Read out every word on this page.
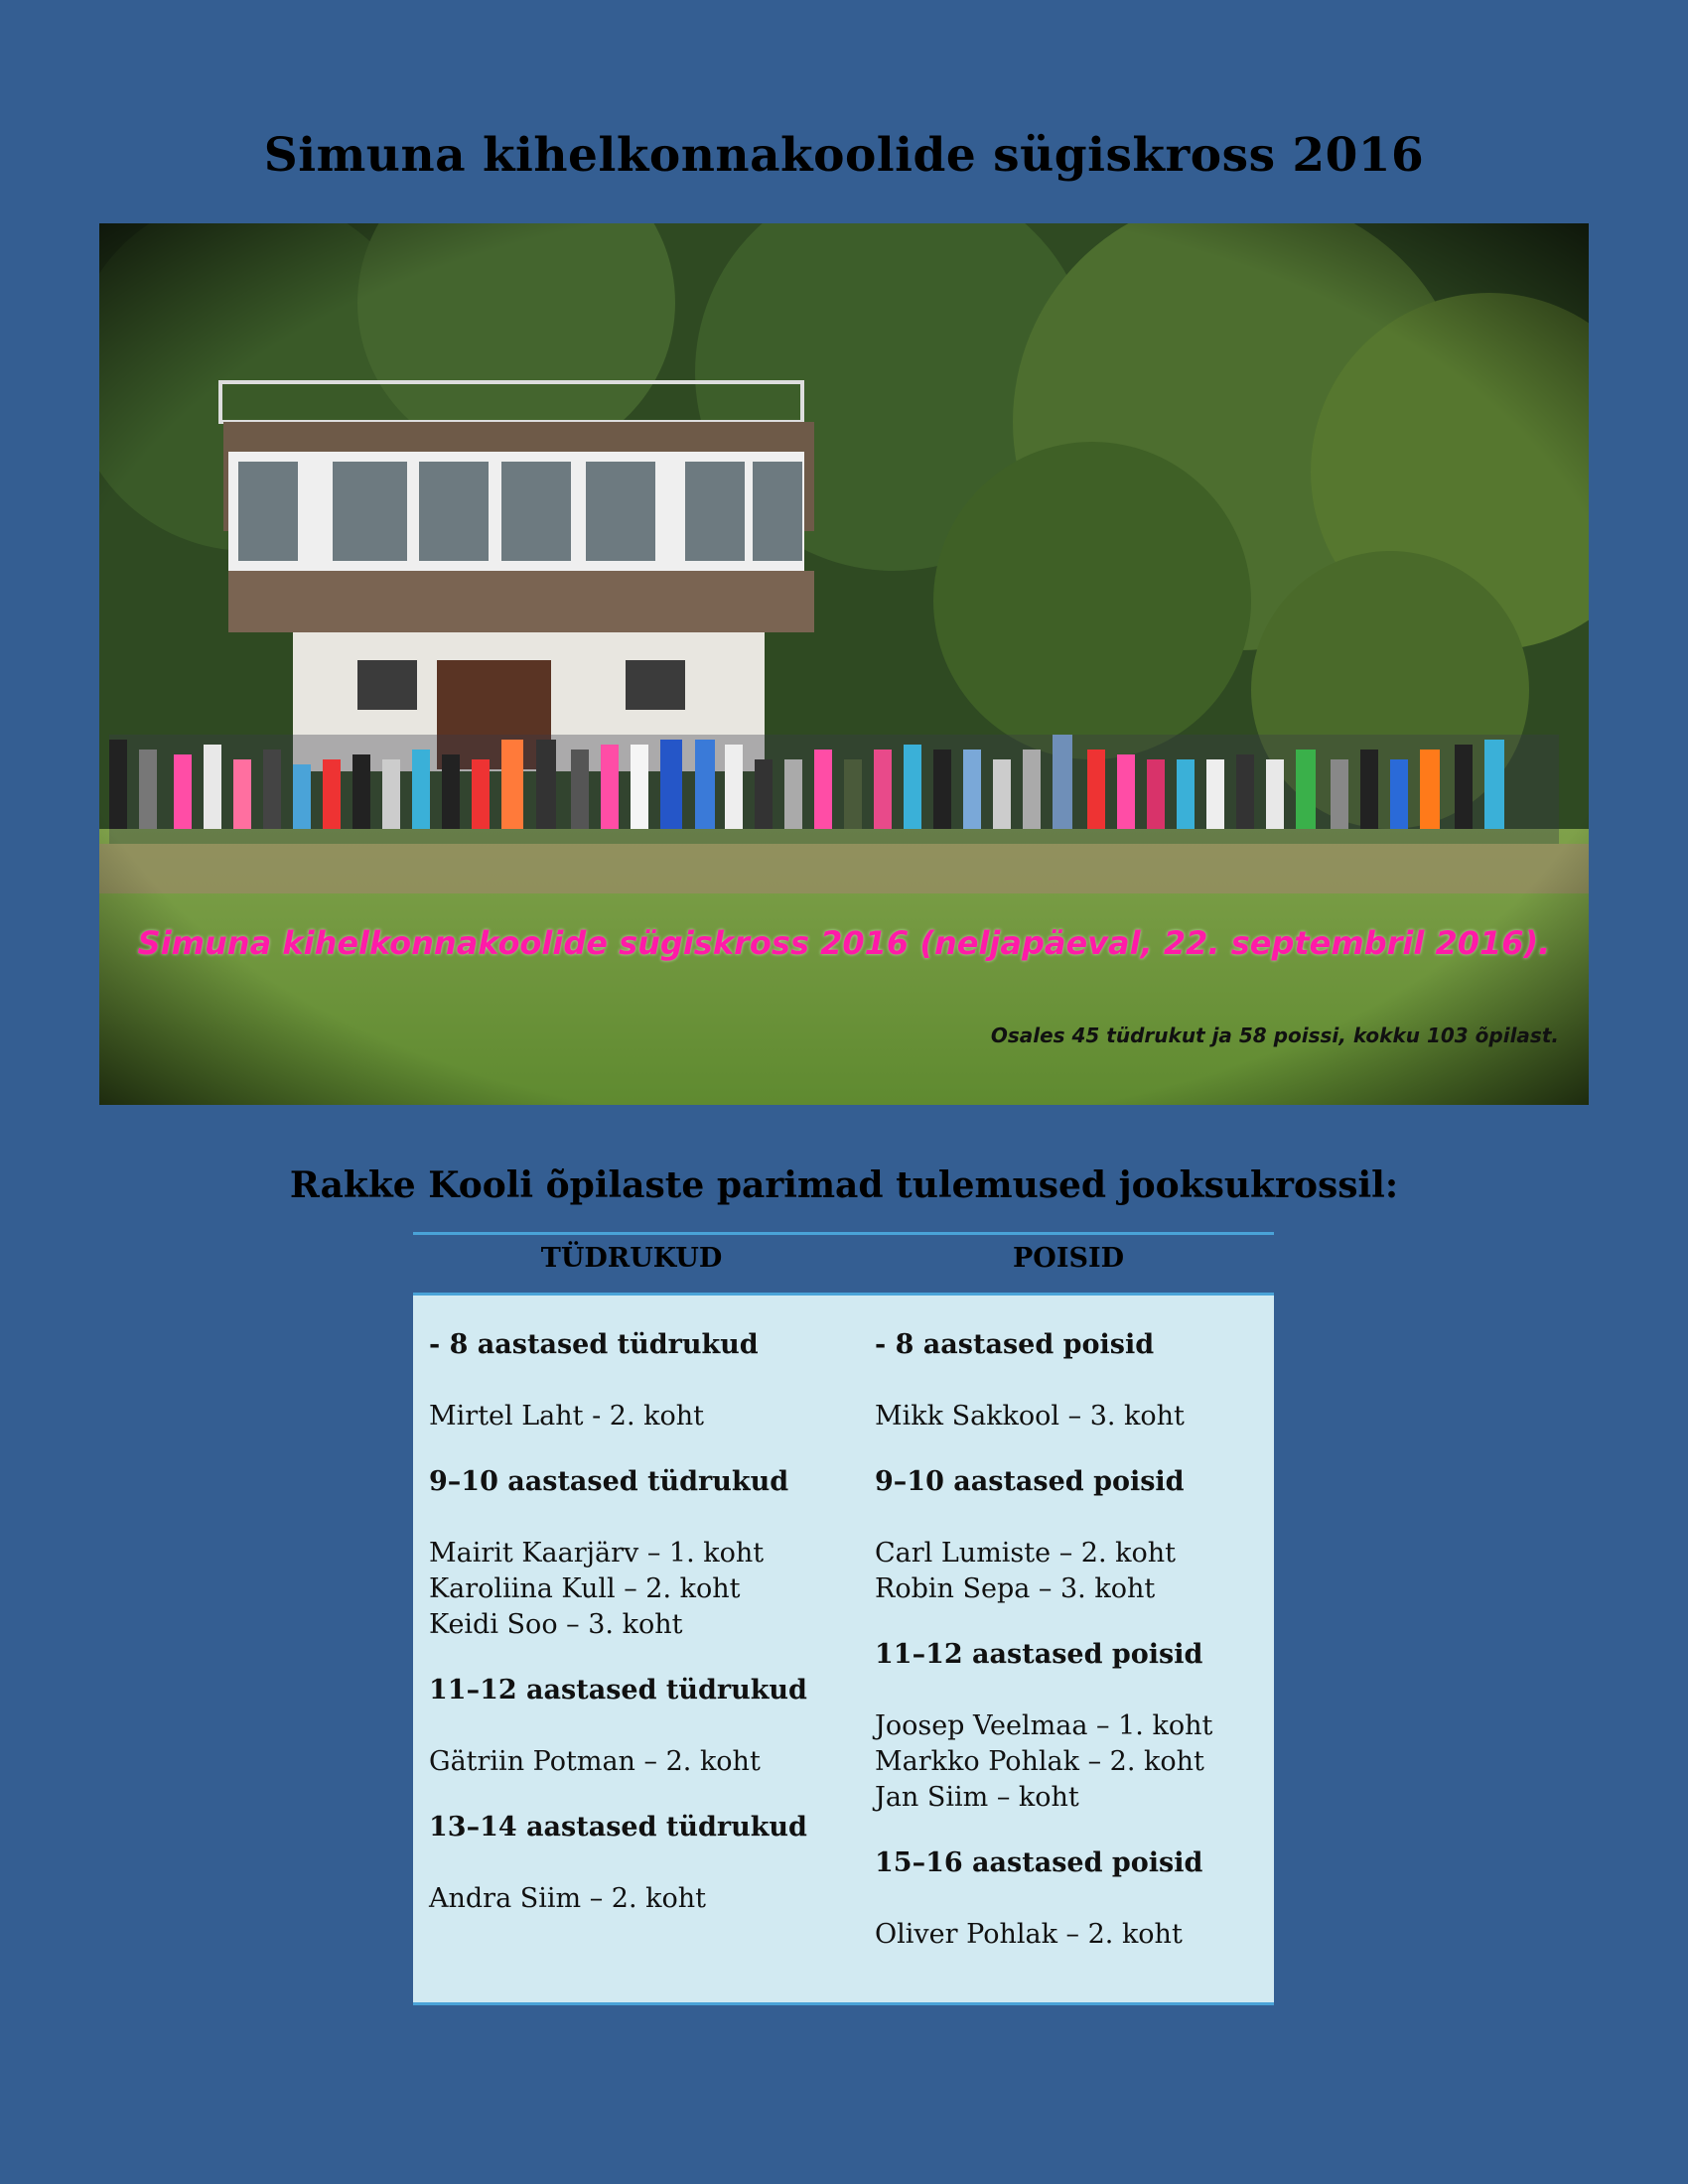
Simuna kihelkonnakoolide sügiskross 2016
Simuna kihelkonnakoolide sügiskross 2016 (neljapäeval, 22. septembril 2016).
Osales 45 tüdrukut ja 58 poissi, kokku 103 õpilast.
Rakke Kooli õpilaste parimad tulemused jooksukrossil:
TÜDRUKUD	POISID
- 8 aastased tüdrukud
Mirtel Laht - 2. koht
9–10 aastased tüdrukud
Mairit Kaarjärv – 1. koht
Karoliina Kull – 2. koht
Keidi Soo – 3. koht
11–12 aastased tüdrukud
Gätriin Potman – 2. koht
13–14 aastased tüdrukud
Andra Siim – 2. koht
- 8 aastased poisid
Mikk Sakkool – 3. koht
9–10 aastased poisid
Carl Lumiste – 2. koht
Robin Sepa – 3. koht
11–12 aastased poisid
Joosep Veelmaa – 1. koht
Markko Pohlak – 2. koht
Jan Siim – koht
15–16 aastased poisid
Oliver Pohlak – 2. koht
